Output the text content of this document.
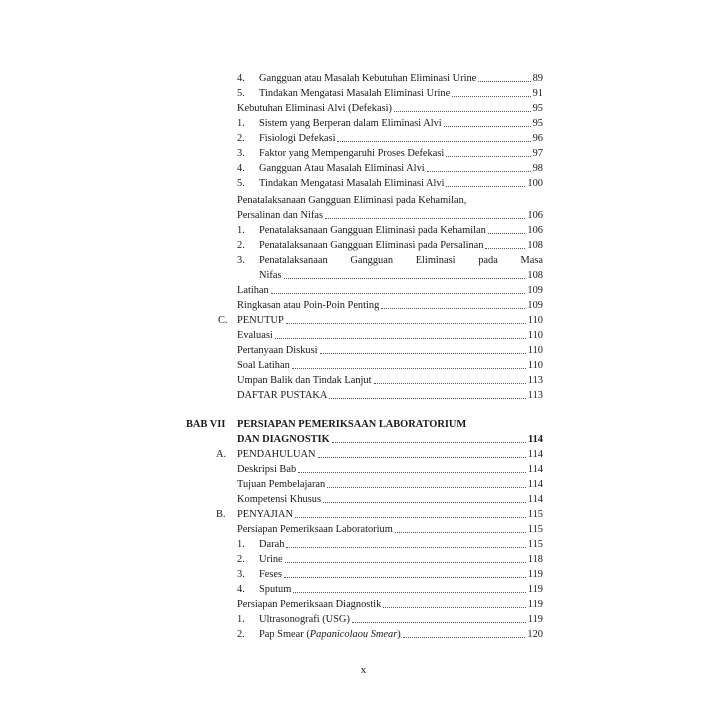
4.	Gangguan atau Masalah Kebutuhan Eliminasi Urine	89
5.	Tindakan Mengatasi Masalah Eliminasi Urine	91
Kebutuhan Eliminasi Alvi (Defekasi)	95
1.	Sistem yang Berperan dalam Eliminasi Alvi	95
2.	Fisiologi Defekasi	96
3.	Faktor yang Mempengaruhi Proses Defekasi	97
4.	Gangguan Atau Masalah Eliminasi Alvi	98
5.	Tindakan Mengatasi Masalah Eliminasi Alvi	100
Penatalaksanaan Gangguan Eliminasi pada Kehamilan,
Persalinan dan Nifas	106
1.	Penatalaksanaan Gangguan Eliminasi pada Kehamilan	106
2.	Penatalaksanaan Gangguan Eliminasi pada Persalinan	108
3.	Penatalaksanaan Gangguan Eliminasi pada Masa
Nifas	108
Latihan	109
Ringkasan atau Poin-Poin Penting	109
C. PENUTUP	110
Evaluasi	110
Pertanyaan Diskusi	110
Soal Latihan	110
Umpan Balik dan Tindak Lanjut	113
DAFTAR PUSTAKA	113
BAB VII PERSIAPAN PEMERIKSAAN LABORATORIUM
DAN DIAGNOSTIK	114
A. PENDAHULUAN	114
Deskripsi Bab	114
Tujuan Pembelajaran	114
Kompetensi Khusus	114
B. PENYAJIAN	115
Persiapan Pemeriksaan Laboratorium	115
1.	Darah	115
2.	Urine	118
3.	Feses	119
4.	Sputum	119
Persiapan Pemeriksaan Diagnostik	119
1.	Ultrasonografi (USG)	119
2.	Pap Smear (Papanicolaou Smear)	120
x
